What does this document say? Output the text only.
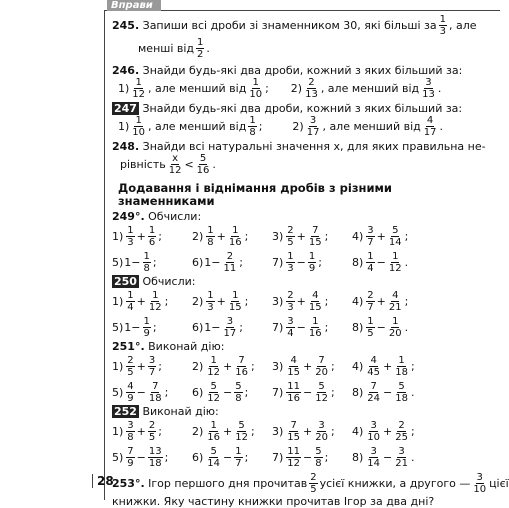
Вправи
28
245.
Запиши всі дроби зі знаменником 30, які більші за $\frac{1}{3}$ , але
менші від $\frac{1}{2}$ .
246.
Знайди будь-які два дроби, кожний з яких більший за:
$1) \frac{1}{12}$ , але менший від $\frac{1}{10}$ ; $2) \frac{2}{13}$ , але менший від $\frac{3}{13}$ .
247
Знайди будь-які два дроби, кожний з яких більший за:
$1) \frac{1}{10}$ , але менший від $\frac{1}{8}$ ;	$2) \frac{3}{17}$ , але менший від $\frac{4}{17}$ .
248.
Знайди всі натуральні значення x, для яких правильна не-
рівність $\frac{x}{12} < \frac{5}{16}$ .
Додавання і віднімання дробів з різними знаменниками
249°.
Обчисли:
$1) \frac{1}{3} + \frac{1}{6}$ ;	$2) \frac{1}{8} + \frac{1}{16}$ ; $3) \frac{2}{5} + \frac{7}{15}$ ; $4) \frac{3}{7} + \frac{5}{14}$ ;
5) $1 - \frac{1}{8}$ ;	6) $1 - \frac{2}{11}$ ;	$7) \frac{1}{3} - \frac{1}{9}$ ;	$8) \frac{1}{4} - \frac{1}{12}$ .
250
Обчисли:
$1) \frac{1}{4} + \frac{1}{12}$ ; $2) \frac{1}{3} + \frac{1}{15}$ ; $3) \frac{2}{3} + \frac{4}{15}$ ; $4) \frac{2}{7} + \frac{4}{21}$ ;
5) $1 - \frac{1}{9}$ ;	6) $1 - \frac{3}{17}$ ;	$7) \frac{3}{4} - \frac{1}{16}$ ; $8) \frac{1}{5} - \frac{1}{20}$ .
251°.
Виконай дію:
$1) \frac{2}{5} + \frac{3}{7}$ ;	$2) \frac{1}{12} + \frac{7}{16}$ ; $3) \frac{4}{15} + \frac{7}{20}$ ; $4) \frac{4}{45} + \frac{1}{18}$ ;
$5) \frac{4}{9} - \frac{7}{18}$ ; $6) \frac{5}{12} - \frac{5}{8}$ ; $7) \frac{11}{16} - \frac{5}{12}$ ; $8) \frac{7}{24} - \frac{5}{18}$ .
252
Виконай дію:
$1) \frac{3}{8} + \frac{2}{5}$ ;	$2) \frac{1}{16} + \frac{5}{12}$ ; $3) \frac{7}{15} + \frac{3}{20}$ ; $4) \frac{3}{10} + \frac{2}{25}$ ;
$5) \frac{7}{9} - \frac{13}{18}$ ; $6) \frac{5}{14} - \frac{1}{7}$ ; $7) \frac{11}{12} - \frac{5}{8}$ ; $8) \frac{3}{14} - \frac{3}{21}$ .
253°.
Ігор першого дня прочитав $\frac{2}{5}$ усієї книжки, а другого — $\frac{3}{10}$ цієї
книжки. Яку частину книжки прочитав Ігор за два дні?
